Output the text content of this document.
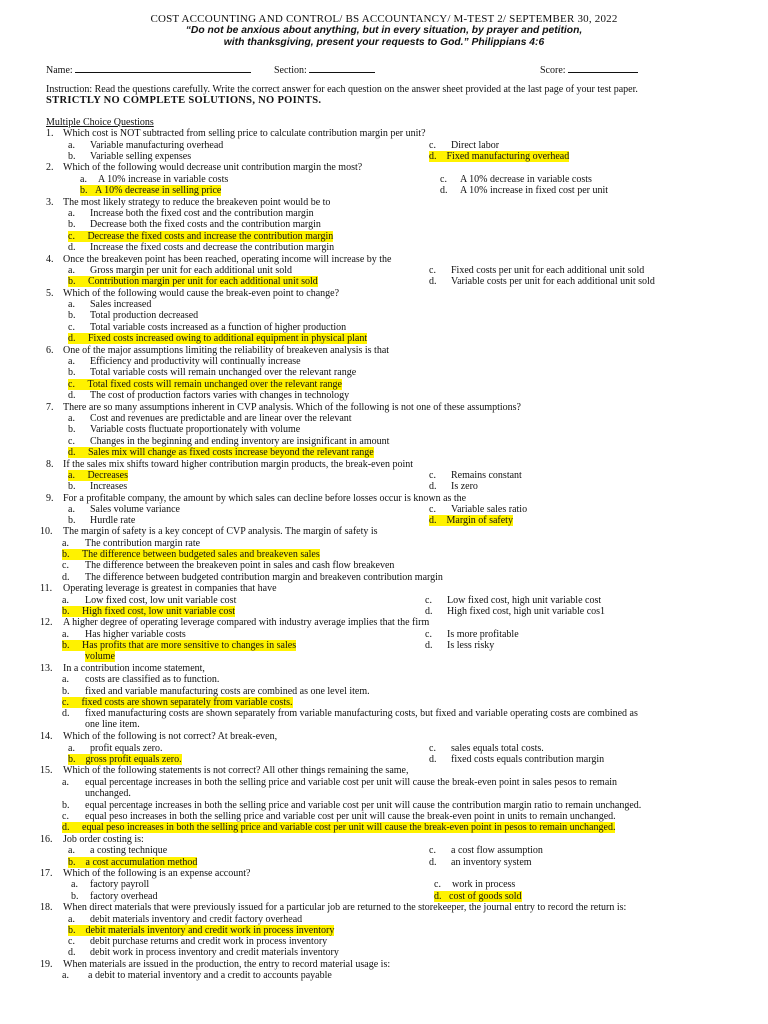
COST ACCOUNTING AND CONTROL/ BS ACCOUNTANCY/ M-TEST 2/ SEPTEMBER 30, 2022
“Do not be anxious about anything, but in every situation, by prayer and petition,
with thanksgiving, present your requests to God.” Philippians 4:6
Name:	Section:	Score:
Instruction: Read the questions carefully. Write the correct answer for each question on the answer sheet provided at the last page of your test paper.
STRICTLY NO COMPLETE SOLUTIONS, NO POINTS.
Multiple Choice Questions
1. Which cost is NOT subtracted from selling price to calculate contribution margin per unit?
a. Variable manufacturing overhead
b. Variable selling expenses
c. Direct labor
d. Fixed manufacturing overhead
2. Which of the following would decrease unit contribution margin the most?
a. A 10% increase in variable costs
b. A 10% decrease in selling price
c. A 10% decrease in variable costs
d. A 10% increase in fixed cost per unit
3. The most likely strategy to reduce the breakeven point would be to
a. Increase both the fixed cost and the contribution margin
b. Decrease both the fixed costs and the contribution margin
c. Decrease the fixed costs and increase the contribution margin
d. Increase the fixed costs and decrease the contribution margin
4. Once the breakeven point has been reached, operating income will increase by the
a. Gross margin per unit for each additional unit sold
b. Contribution margin per unit for each additional unit sold
c. Fixed costs per unit for each additional unit sold
d. Variable costs per unit for each additional unit sold
5. Which of the following would cause the break-even point to change?
a. Sales increased
b. Total production decreased
c. Total variable costs increased as a function of higher production
d. Fixed costs increased owing to additional equipment in physical plant
6. One of the major assumptions limiting the reliability of breakeven analysis is that
a. Efficiency and productivity will continually increase
b. Total variable costs will remain unchanged over the relevant range
c. Total fixed costs will remain unchanged over the relevant range
d. The cost of production factors varies with changes in technology
7. There are so many assumptions inherent in CVP analysis. Which of the following is not one of these assumptions?
a. Cost and revenues are predictable and are linear over the relevant
b. Variable costs fluctuate proportionately with volume
c. Changes in the beginning and ending inventory are insignificant in amount
d. Sales mix will change as fixed costs increase beyond the relevant range
8. If the sales mix shifts toward higher contribution margin products, the break-even point
a. Decreases
b. Increases
c. Remains constant
d. Is zero
9. For a profitable company, the amount by which sales can decline before losses occur is known as the
a. Sales volume variance
b. Hurdle rate
c. Variable sales ratio
d. Margin of safety
10. The margin of safety is a key concept of CVP analysis. The margin of safety is
a. The contribution margin rate
b. The difference between budgeted sales and breakeven sales
c. The difference between the breakeven point in sales and cash flow breakeven
d. The difference between budgeted contribution margin and breakeven contribution margin
11. Operating leverage is greatest in companies that have
a. Low fixed cost, low unit variable cost
b. High fixed cost, low unit variable cost
c. Low fixed cost, high unit variable cost
d. High fixed cost, high unit variable cos1
12. A higher degree of operating leverage compared with industry average implies that the firm
a. Has higher variable costs
b. Has profits that are more sensitive to changes in sales
volume
c. Is more profitable
d. Is less risky
13. In a contribution income statement,
a. costs are classified as to function.
b. fixed and variable manufacturing costs are combined as one level item.
c. fixed costs are shown separately from variable costs.
d. fixed manufacturing costs are shown separately from variable manufacturing costs, but fixed and variable operating costs are combined as
one line item.
14. Which of the following is not correct? At break-even,
a. profit equals zero.
b. gross profit equals zero.
c. sales equals total costs.
d. fixed costs equals contribution margin
15. Which of the following statements is not correct? All other things remaining the same,
a. equal percentage increases in both the selling price and variable cost per unit will cause the break-even point in sales pesos to remain
unchanged.
b. equal percentage increases in both the selling price and variable cost per unit will cause the contribution margin ratio to remain unchanged.
c. equal peso increases in both the selling price and variable cost per unit will cause the break-even point in units to remain unchanged.
d. equal peso increases in both the selling price and variable cost per unit will cause the break-even point in pesos to remain unchanged.
16. Job order costing is:
a. a costing technique
b. a cost accumulation method
c. a cost flow assumption
d. an inventory system
17. Which of the following is an expense account?
a. factory payroll
b. factory overhead
c. work in process
d. cost of goods sold
18. When direct materials that were previously issued for a particular job are returned to the storekeeper, the journal entry to record the return is:
a. debit materials inventory and credit factory overhead
b. debit materials inventory and credit work in process inventory
c. debit purchase returns and credit work in process inventory
d. debit work in process inventory and credit materials inventory
19. When materials are issued in the production, the entry to record material usage is:
a. a debit to material inventory and a credit to accounts payable
